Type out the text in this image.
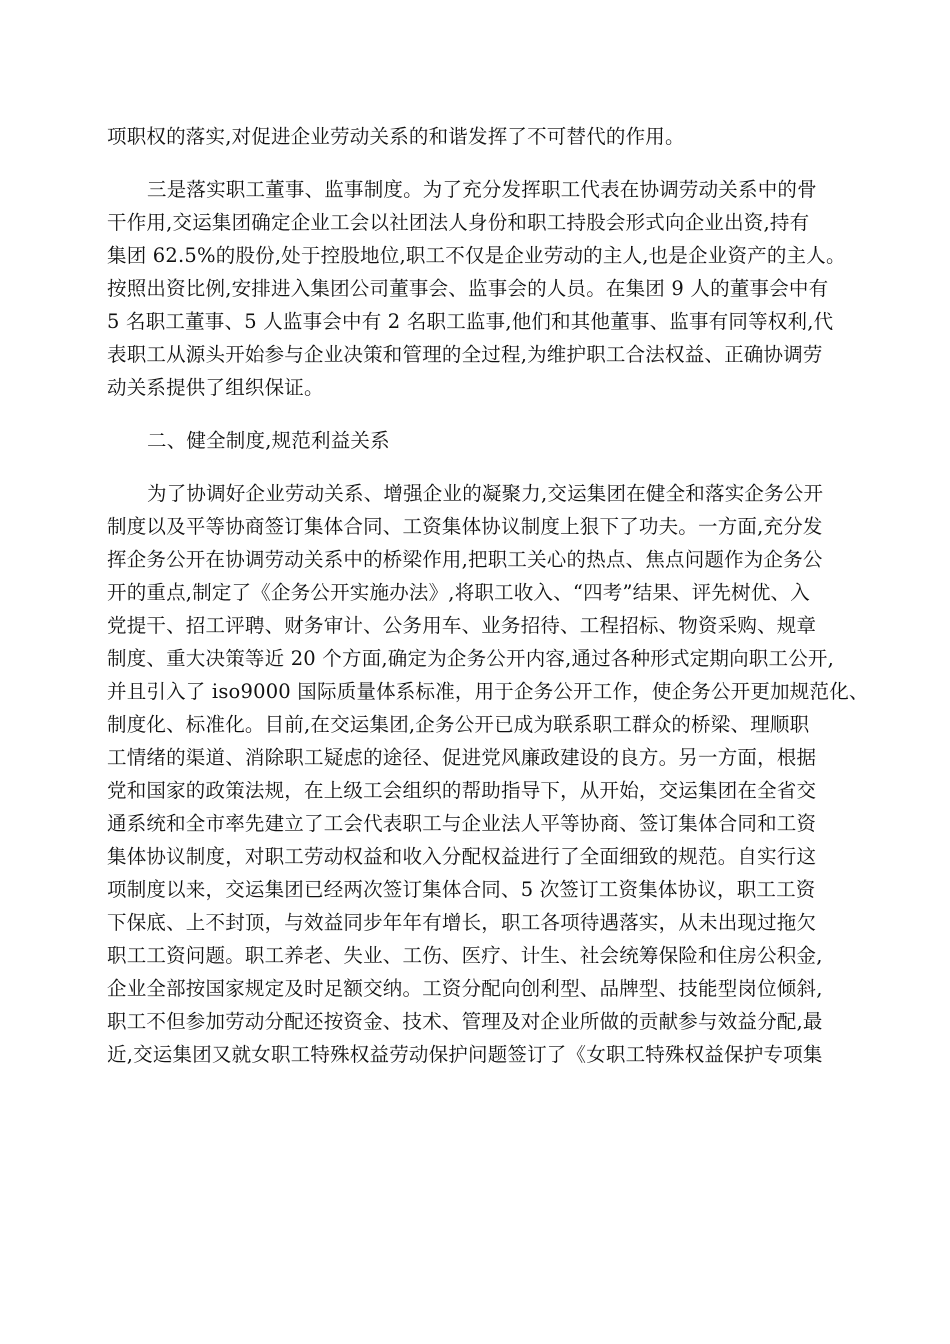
项职权的落实,对促进企业劳动关系的和谐发挥了不可替代的作用。
三是落实职工董事、监事制度。为了充分发挥职工代表在协调劳动关系中的骨
干作用,交运集团确定企业工会以社团法人身份和职工持股会形式向企业出资,持有
集团 62.5%的股份,处于控股地位,职工不仅是企业劳动的主人,也是企业资产的主人。
按照出资比例,安排进入集团公司董事会、监事会的人员。在集团 9 人的董事会中有
5 名职工董事、5 人监事会中有 2 名职工监事,他们和其他董事、监事有同等权利,代
表职工从源头开始参与企业决策和管理的全过程,为维护职工合法权益、正确协调劳
动关系提供了组织保证。
二、健全制度,规范利益关系
为了协调好企业劳动关系、增强企业的凝聚力,交运集团在健全和落实企务公开
制度以及平等协商签订集体合同、工资集体协议制度上狠下了功夫。一方面,充分发
挥企务公开在协调劳动关系中的桥梁作用,把职工关心的热点、焦点问题作为企务公
开的重点,制定了《企务公开实施办法》,将职工收入、“四考”结果、评先树优、入
党提干、招工评聘、财务审计、公务用车、业务招待、工程招标、物资采购、规章
制度、重大决策等近 20 个方面,确定为企务公开内容,通过各种形式定期向职工公开,
并且引入了 iso9000 国际质量体系标准，用于企务公开工作，使企务公开更加规范化、
制度化、标准化。目前,在交运集团,企务公开已成为联系职工群众的桥梁、理顺职
工情绪的渠道、消除职工疑虑的途径、促进党风廉政建设的良方。另一方面，根据
党和国家的政策法规，在上级工会组织的帮助指导下，从开始，交运集团在全省交
通系统和全市率先建立了工会代表职工与企业法人平等协商、签订集体合同和工资
集体协议制度，对职工劳动权益和收入分配权益进行了全面细致的规范。自实行这
项制度以来，交运集团已经两次签订集体合同、5 次签订工资集体协议，职工工资
下保底、上不封顶，与效益同步年年有增长，职工各项待遇落实，从未出现过拖欠
职工工资问题。职工养老、失业、工伤、医疗、计生、社会统筹保险和住房公积金,
企业全部按国家规定及时足额交纳。工资分配向创利型、品牌型、技能型岗位倾斜,
职工不但参加劳动分配还按资金、技术、管理及对企业所做的贡献参与效益分配,最
近,交运集团又就女职工特殊权益劳动保护问题签订了《女职工特殊权益保护专项集
